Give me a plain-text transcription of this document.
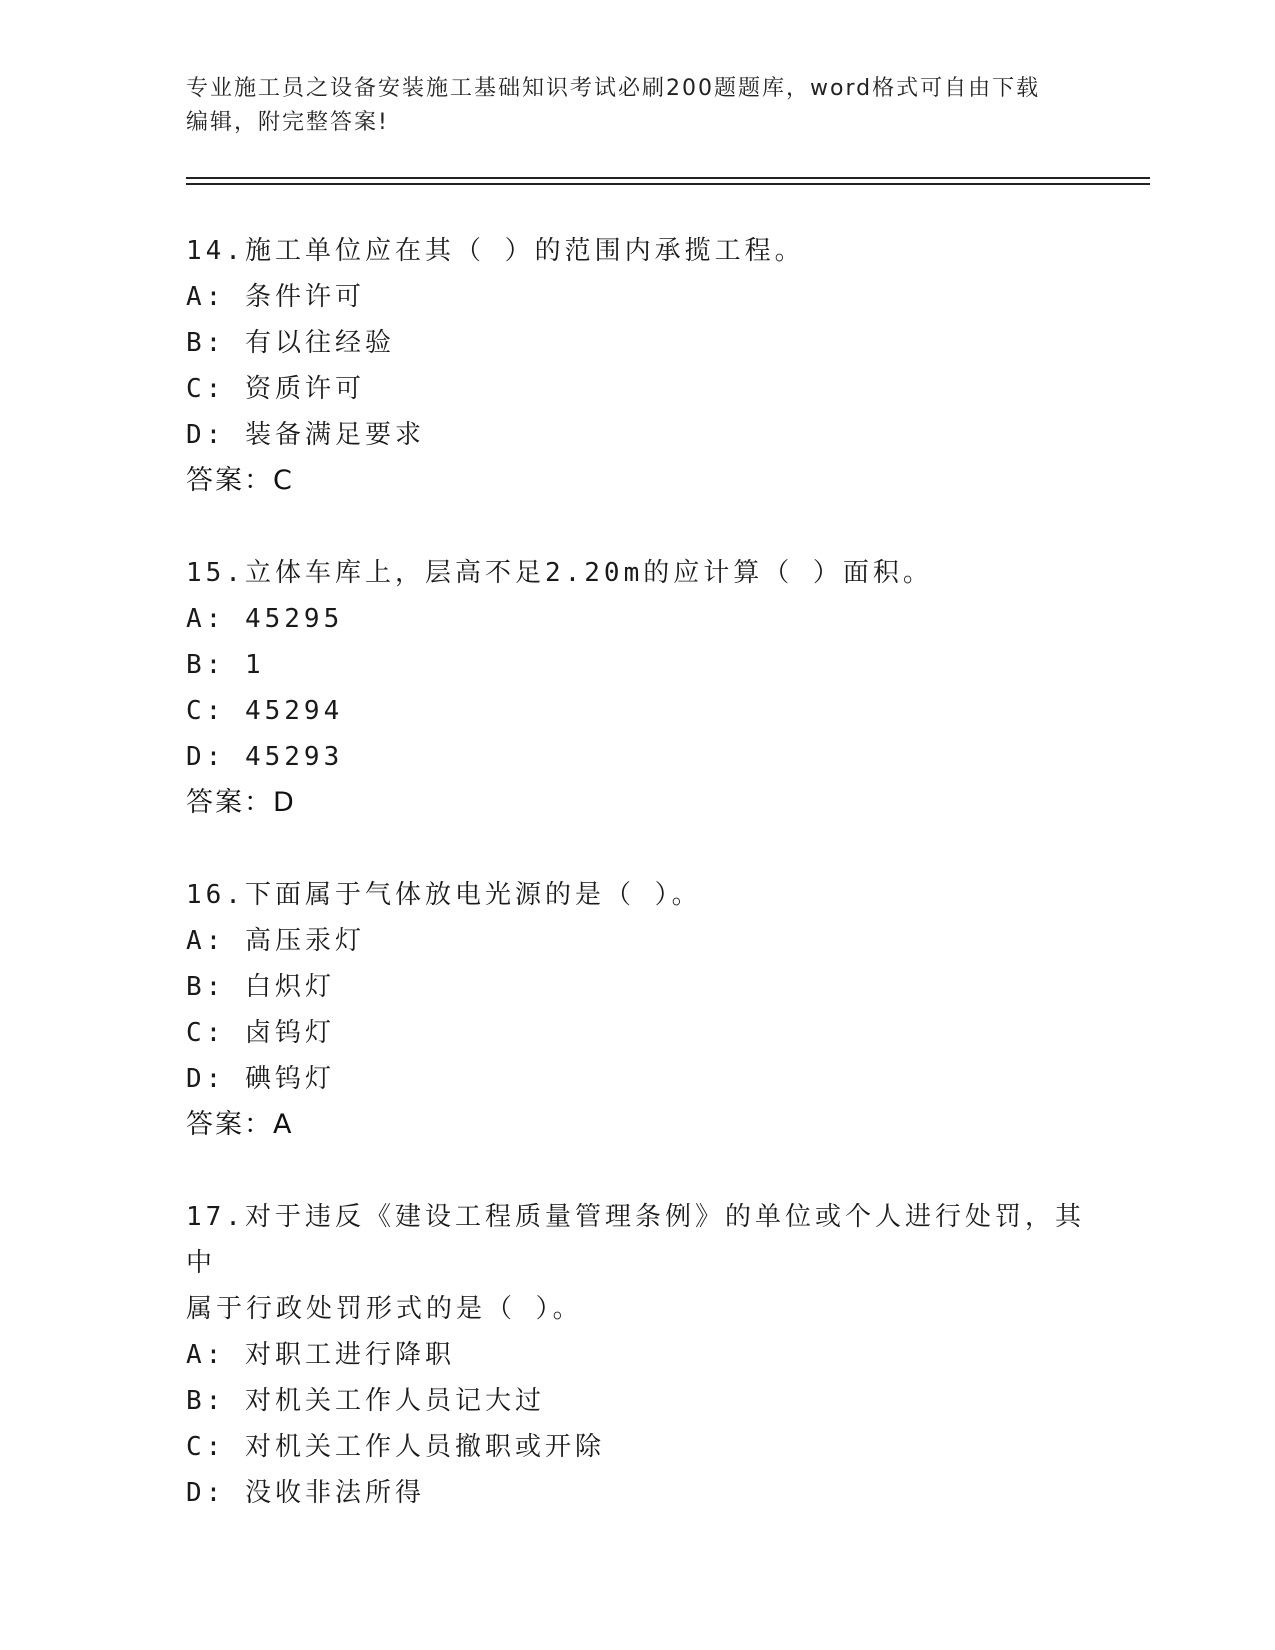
专业施工员之设备安装施工基础知识考试必刷200题题库，word格式可自由下载
编辑，附完整答案!
14.施工单位应在其（ ）的范围内承揽工程。
A: 条件许可
B: 有以往经验
C: 资质许可
D: 装备满足要求
答案：C
15.立体车库上，层高不足2.20m的应计算（ ）面积。
A: 45295
B: 1
C: 45294
D: 45293
答案：D
16.下面属于气体放电光源的是（ ）。
A: 高压汞灯
B: 白炽灯
C: 卤钨灯
D: 碘钨灯
答案：A
17.对于违反《建设工程质量管理条例》的单位或个人进行处罚，其中
属于行政处罚形式的是（ ）。
A: 对职工进行降职
B: 对机关工作人员记大过
C: 对机关工作人员撤职或开除
D: 没收非法所得
